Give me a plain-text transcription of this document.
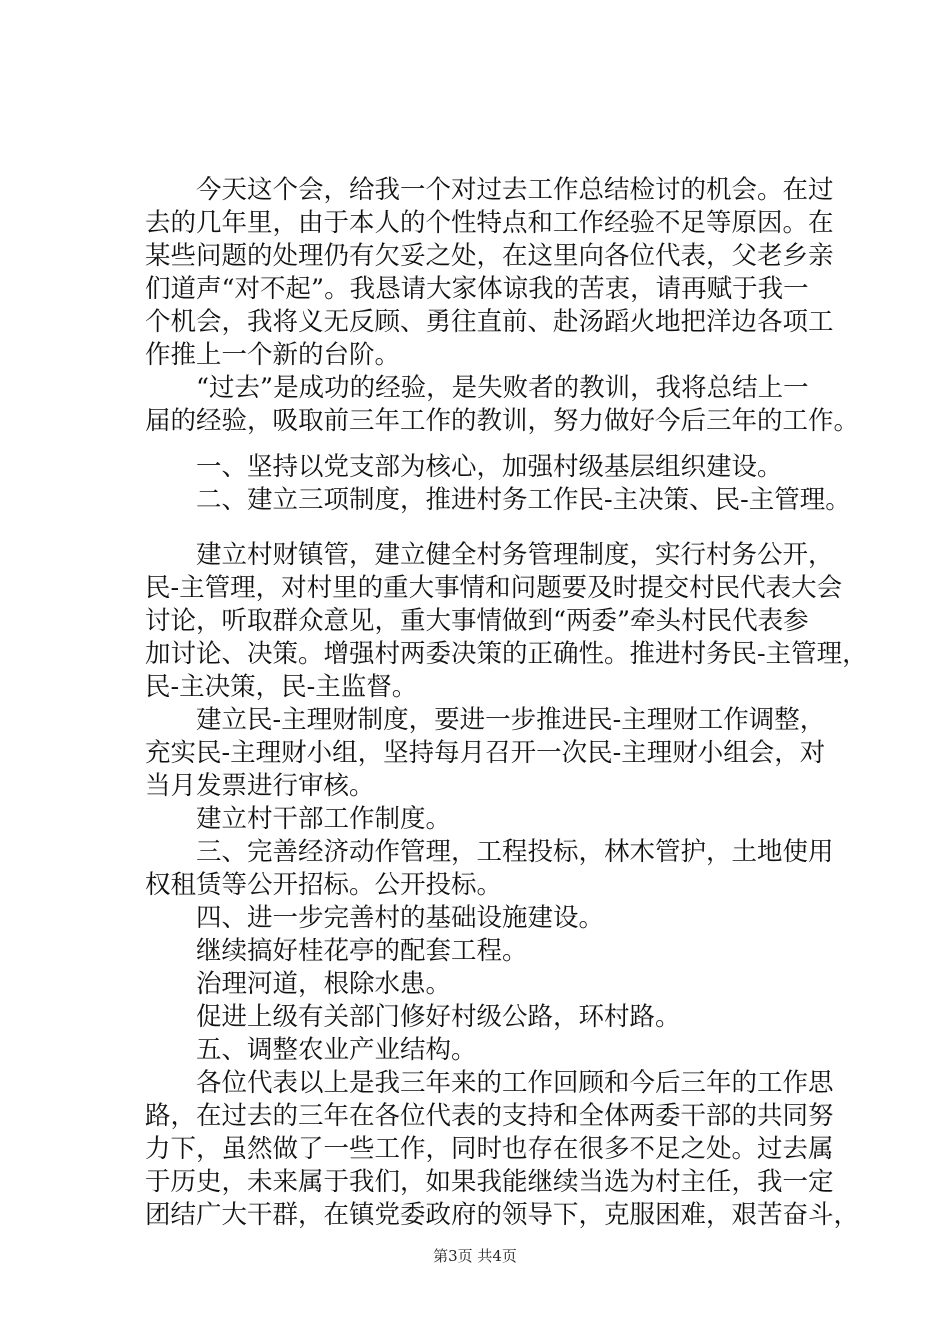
　　今天这个会，给我一个对过去工作总结检讨的机会。在过
去的几年里，由于本人的个性特点和工作经验不足等原因。在
某些问题的处理仍有欠妥之处，在这里向各位代表，父老乡亲
们道声“对不起”。我恳请大家体谅我的苦衷，请再赋于我一
个机会，我将义无反顾、勇往直前、赴汤蹈火地把洋边各项工
作推上一个新的台阶。
　　“过去”是成功的经验，是失败者的教训，我将总结上一
届的经验，吸取前三年工作的教训，努力做好今后三年的工作。
　　一、坚持以党支部为核心，加强村级基层组织建设。
　　二、建立三项制度，推进村务工作民-主决策、民-主管理。
　　建立村财镇管，建立健全村务管理制度，实行村务公开，
民-主管理，对村里的重大事情和问题要及时提交村民代表大会
讨论，听取群众意见，重大事情做到“两委”牵头村民代表参
加讨论、决策。增强村两委决策的正确性。推进村务民-主管理，
民-主决策，民-主监督。
　　建立民-主理财制度，要进一步推进民-主理财工作调整，
充实民-主理财小组，坚持每月召开一次民-主理财小组会，对
当月发票进行审核。
　　建立村干部工作制度。
　　三、完善经济动作管理，工程投标，林木管护，土地使用
权租赁等公开招标。公开投标。
　　四、进一步完善村的基础设施建设。
　　继续搞好桂花亭的配套工程。
　　治理河道，根除水患。
　　促进上级有关部门修好村级公路，环村路。
　　五、调整农业产业结构。
　　各位代表以上是我三年来的工作回顾和今后三年的工作思
路，在过去的三年在各位代表的支持和全体两委干部的共同努
力下，虽然做了一些工作，同时也存在很多不足之处。过去属
于历史，未来属于我们，如果我能继续当选为村主任，我一定
团结广大干群，在镇党委政府的领导下，克服困难，艰苦奋斗，
第3页 共4页
